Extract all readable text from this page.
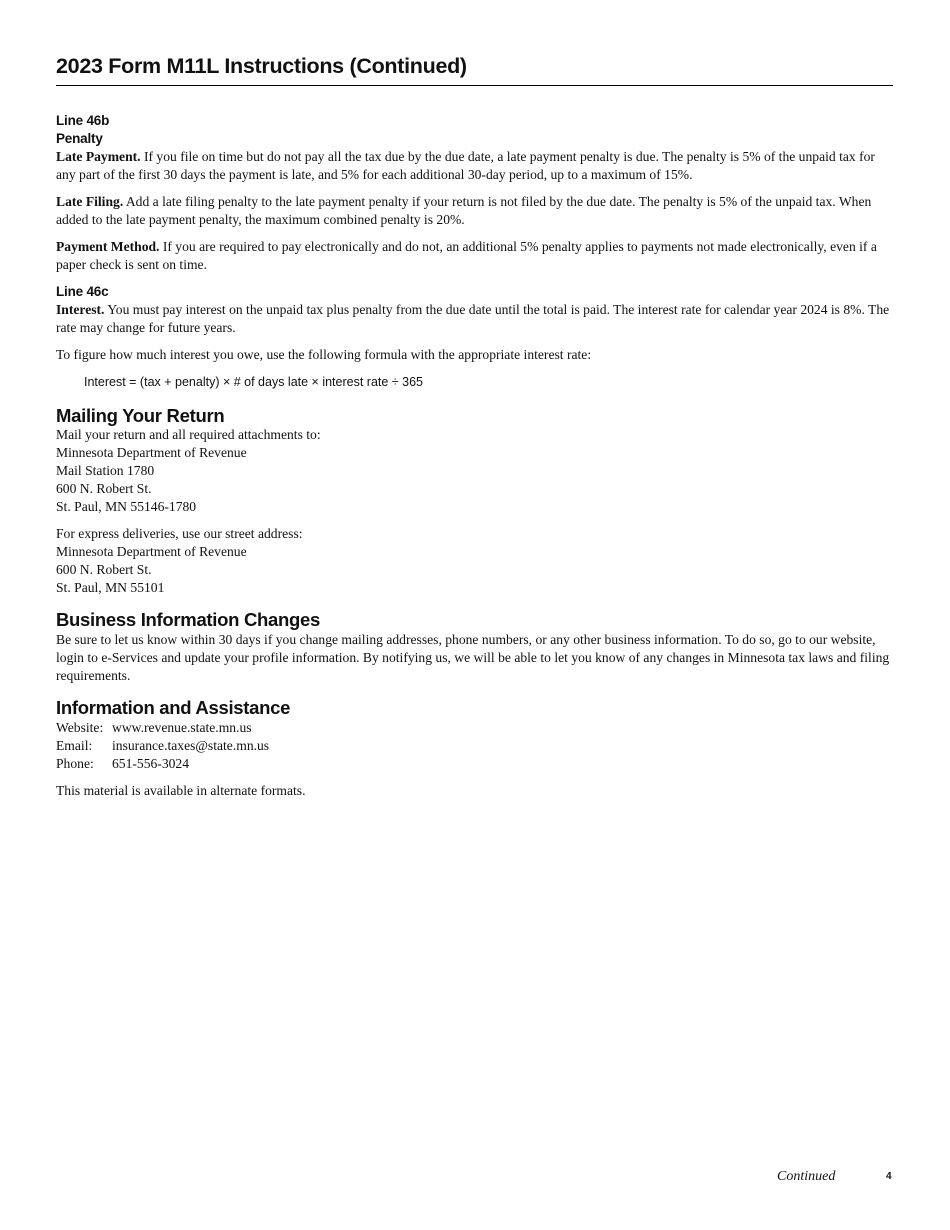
2023 Form M11L Instructions (Continued)
Line 46b
Penalty

Late Payment. If you file on time but do not pay all the tax due by the due date, a late payment penalty is due. The penalty is 5% of the unpaid tax for any part of the first 30 days the payment is late, and 5% for each additional 30-day period, up to a maximum of 15%.

Late Filing. Add a late filing penalty to the late payment penalty if your return is not filed by the due date. The penalty is 5% of the unpaid tax. When added to the late payment penalty, the maximum combined penalty is 20%.

Payment Method. If you are required to pay electronically and do not, an additional 5% penalty applies to payments not made electronically, even if a paper check is sent on time.

Line 46c

Interest. You must pay interest on the unpaid tax plus penalty from the due date until the total is paid. The interest rate for calendar year 2024 is 8%. The rate may change for future years.

To figure how much interest you owe, use the following formula with the appropriate interest rate:

Interest = (tax + penalty) × # of days late × interest rate ÷ 365
Mailing Your Return

Mail your return and all required attachments to:

Minnesota Department of Revenue

Mail Station 1780

600 N. Robert St.

St. Paul, MN 55146-1780

For express deliveries, use our street address:

Minnesota Department of Revenue

600 N. Robert St.

St. Paul, MN 55101

Business Information Changes

Be sure to let us know within 30 days if you change mailing addresses, phone numbers, or any other business information. To do so, go to our website, login to e-Services and update your profile information. By notifying us, we will be able to let you know of any changes in Minnesota tax laws and filing requirements.

Information and Assistance
Website: www.revenue.state.mn.us
Email:	insurance.taxes@state.mn.us
Phone:	651-556-3024

This material is available in alternate formats.

Continued	4
